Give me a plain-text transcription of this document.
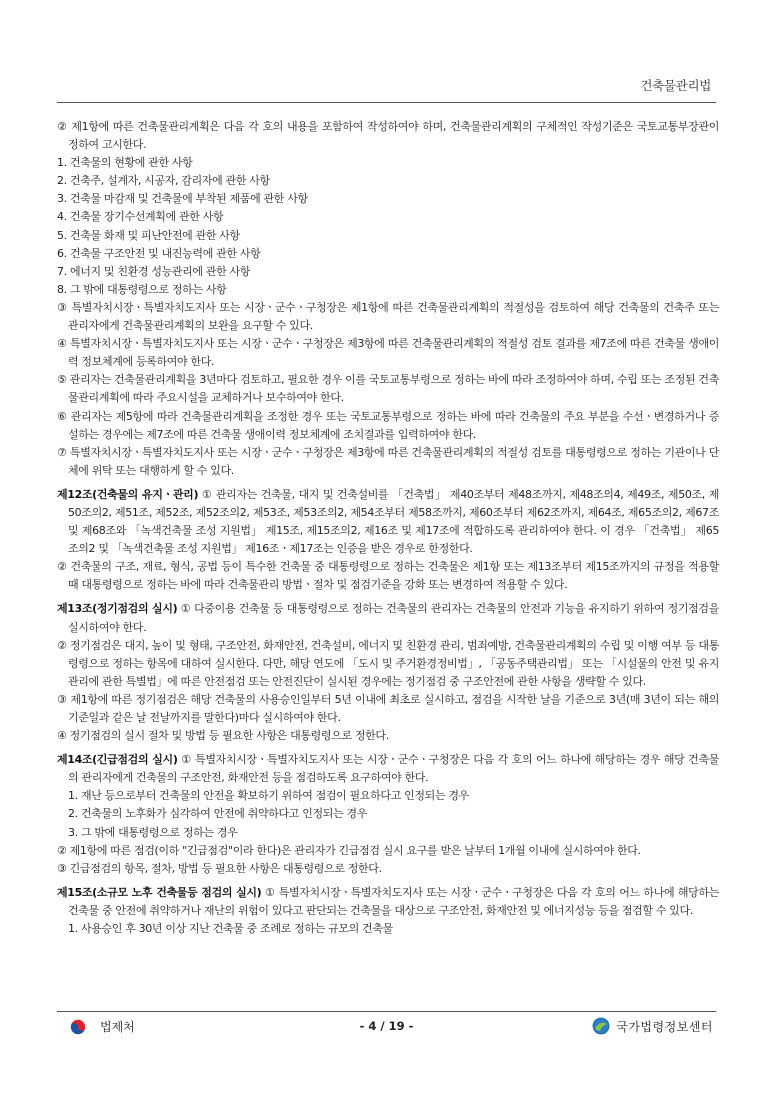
건축물관리법
② 제1항에 따른 건축물관리계획은 다음 각 호의 내용을 포함하여 작성하여야 하며, 건축물관리계획의 구체적인 작성기준은 국토교통부장관이 정하여 고시한다.
1. 건축물의 현황에 관한 사항
2. 건축주, 설계자, 시공자, 감리자에 관한 사항
3. 건축물 마감재 및 건축물에 부착된 제품에 관한 사항
4. 건축물 장기수선계획에 관한 사항
5. 건축물 화재 및 피난안전에 관한 사항
6. 건축물 구조안전 및 내진능력에 관한 사항
7. 에너지 및 친환경 성능관리에 관한 사항
8. 그 밖에 대통령령으로 정하는 사항
③ 특별자치시장ㆍ특별자치도지사 또는 시장ㆍ군수ㆍ구청장은 제1항에 따른 건축물관리계획의 적절성을 검토하여 해당 건축물의 건축주 또는 관리자에게 건축물관리계획의 보완을 요구할 수 있다.
④ 특별자치시장ㆍ특별자치도지사 또는 시장ㆍ군수ㆍ구청장은 제3항에 따른 건축물관리계획의 적절성 검토 결과를 제7조에 따른 건축물 생애이력 정보체계에 등록하여야 한다.
⑤ 관리자는 건축물관리계획을 3년마다 검토하고, 필요한 경우 이를 국토교통부령으로 정하는 바에 따라 조정하여야 하며, 수립 또는 조정된 건축물관리계획에 따라 주요시설을 교체하거나 보수하여야 한다.
⑥ 관리자는 제5항에 따라 건축물관리계획을 조정한 경우 또는 국토교통부령으로 정하는 바에 따라 건축물의 주요 부분을 수선ㆍ변경하거나 증설하는 경우에는 제7조에 따른 건축물 생애이력 정보체계에 조치결과를 입력하여야 한다.
⑦ 특별자치시장ㆍ특별자치도지사 또는 시장ㆍ군수ㆍ구청장은 제3항에 따른 건축물관리계획의 적절성 검토를 대통령령으로 정하는 기관이나 단체에 위탁 또는 대행하게 할 수 있다.
제12조(건축물의 유지ㆍ관리) ① 관리자는 건축물, 대지 및 건축설비를 「건축법」 제40조부터 제48조까지, 제48조의4, 제49조, 제50조, 제50조의2, 제51조, 제52조, 제52조의2, 제53조, 제53조의2, 제54조부터 제58조까지, 제60조부터 제62조까지, 제64조, 제65조의2, 제67조 및 제68조와 「녹색건축물 조성 지원법」 제15조, 제15조의2, 제16조 및 제17조에 적합하도록 관리하여야 한다. 이 경우 「건축법」 제65조의2 및 「녹색건축물 조성 지원법」 제16조ㆍ제17조는 인증을 받은 경우로 한정한다.
② 건축물의 구조, 재료, 형식, 공법 등이 특수한 건축물 중 대통령령으로 정하는 건축물은 제1항 또는 제13조부터 제15조까지의 규정을 적용할 때 대통령령으로 정하는 바에 따라 건축물관리 방법ㆍ절차 및 점검기준을 강화 또는 변경하여 적용할 수 있다.
제13조(정기점검의 실시) ① 다중이용 건축물 등 대통령령으로 정하는 건축물의 관리자는 건축물의 안전과 기능을 유지하기 위하여 정기점검을 실시하여야 한다.
② 정기점검은 대지, 높이 및 형태, 구조안전, 화재안전, 건축설비, 에너지 및 친환경 관리, 범죄예방, 건축물관리계획의 수립 및 이행 여부 등 대통령령으로 정하는 항목에 대하여 실시한다. 다만, 해당 연도에 「도시 및 주거환경정비법」, 「공동주택관리법」 또는 「시설물의 안전 및 유지관리에 관한 특별법」에 따른 안전점검 또는 안전진단이 실시된 경우에는 정기점검 중 구조안전에 관한 사항을 생략할 수 있다.
③ 제1항에 따른 정기점검은 해당 건축물의 사용승인일부터 5년 이내에 최초로 실시하고, 점검을 시작한 날을 기준으로 3년(매 3년이 되는 해의 기준일과 같은 날 전날까지를 말한다)마다 실시하여야 한다.
④ 정기점검의 실시 절차 및 방법 등 필요한 사항은 대통령령으로 정한다.
제14조(긴급점검의 실시) ① 특별자치시장ㆍ특별자치도지사 또는 시장ㆍ군수ㆍ구청장은 다음 각 호의 어느 하나에 해당하는 경우 해당 건축물의 관리자에게 건축물의 구조안전, 화재안전 등을 점검하도록 요구하여야 한다.
1. 재난 등으로부터 건축물의 안전을 확보하기 위하여 점검이 필요하다고 인정되는 경우
2. 건축물의 노후화가 심각하여 안전에 취약하다고 인정되는 경우
3. 그 밖에 대통령령으로 정하는 경우
② 제1항에 따른 점검(이하 "긴급점검"이라 한다)은 관리자가 긴급점검 실시 요구를 받은 날부터 1개월 이내에 실시하여야 한다.
③ 긴급점검의 항목, 절차, 방법 등 필요한 사항은 대통령령으로 정한다.
제15조(소규모 노후 건축물등 점검의 실시) ① 특별자치시장ㆍ특별자치도지사 또는 시장ㆍ군수ㆍ구청장은 다음 각 호의 어느 하나에 해당하는 건축물 중 안전에 취약하거나 재난의 위험이 있다고 판단되는 건축물을 대상으로 구조안전, 화재안전 및 에너지성능 등을 점검할 수 있다.
1. 사용승인 후 30년 이상 지난 건축물 중 조례로 정하는 규모의 건축물
법제처	- 4 / 19 -	국가법령정보센터
